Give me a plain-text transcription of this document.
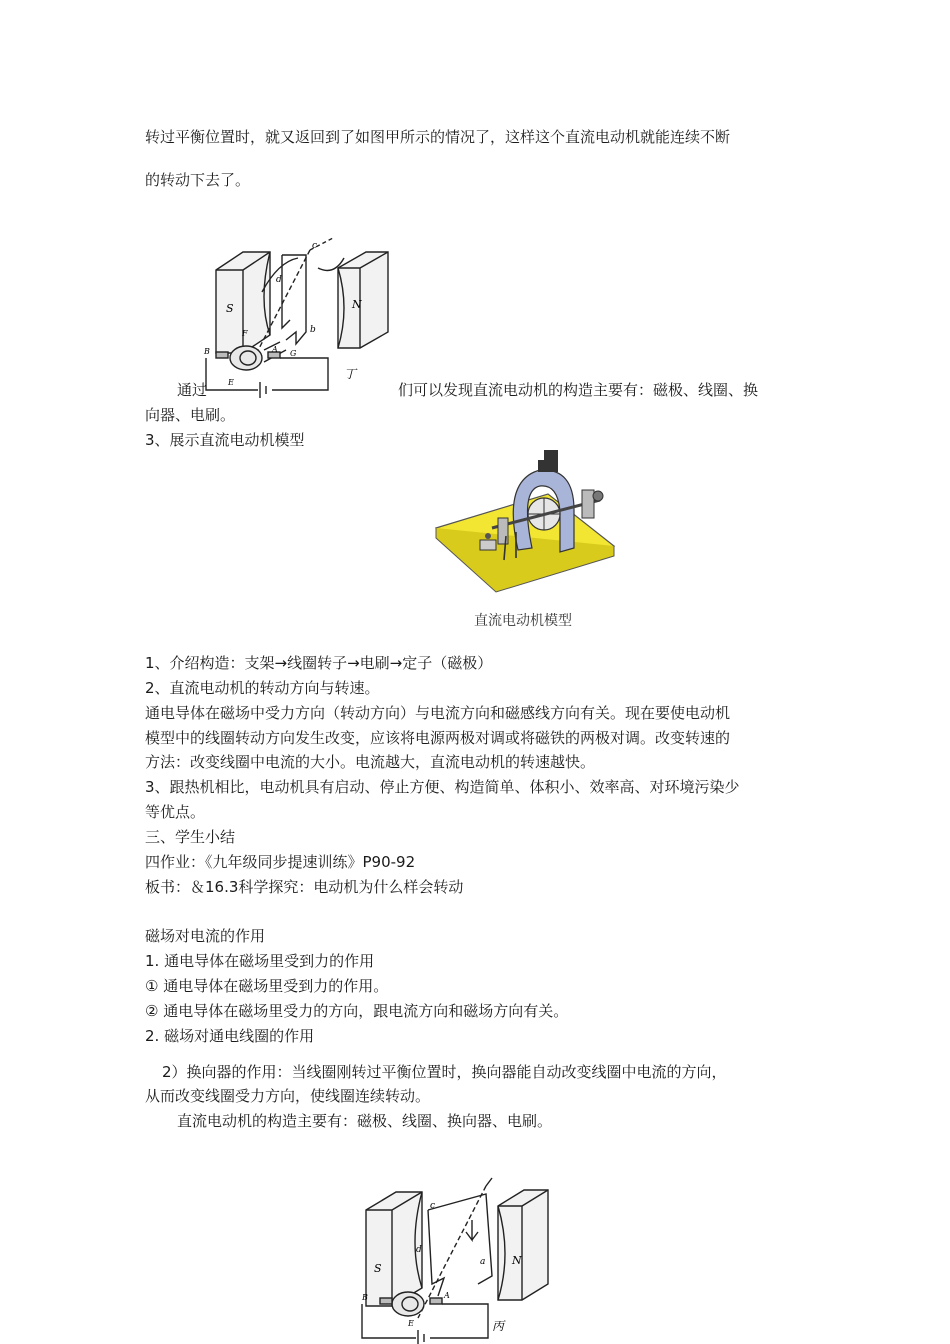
转过平衡位置时，就又返回到了如图甲所示的情况了，这样这个直流电动机就能连续不断
的转动下去了。
通过	们可以发现直流电动机的构造主要有：磁极、线圈、换
向器、电刷。
3、展示直流电动机模型
1、介绍构造：支架→线圈转子→电刷→定子（磁极）
2、直流电动机的转动方向与转速。
通电导体在磁场中受力方向（转动方向）与电流方向和磁感线方向有关。现在要使电动机
模型中的线圈转动方向发生改变，应该将电源两极对调或将磁铁的两极对调。改变转速的
方法：改变线圈中电流的大小。电流越大，直流电动机的转速越快。
3、跟热机相比，电动机具有启动、停止方便、构造简单、体积小、效率高、对环境污染少
等优点。
三、学生小结
四作业：《九年级同步提速训练》P90-92
板书：＆16.3科学探究：电动机为什么样会转动
磁场对电流的作用
1. 通电导体在磁场里受到力的作用
① 通电导体在磁场里受到力的作用。
② 通电导体在磁场里受力的方向，跟电流方向和磁场方向有关。
2. 磁场对通电线圈的作用
2）换向器的作用：当线圈刚转过平衡位置时，换向器能自动改变线圈中电流的方向，
从而改变线圈受力方向，使线圈连续转动。
直流电动机的构造主要有：磁极、线圈、换向器、电刷。
S	N
c
d
b
F
A G
B
E
丁
直流电动机模型
S
N
c
d
a
A
B
E	丙
